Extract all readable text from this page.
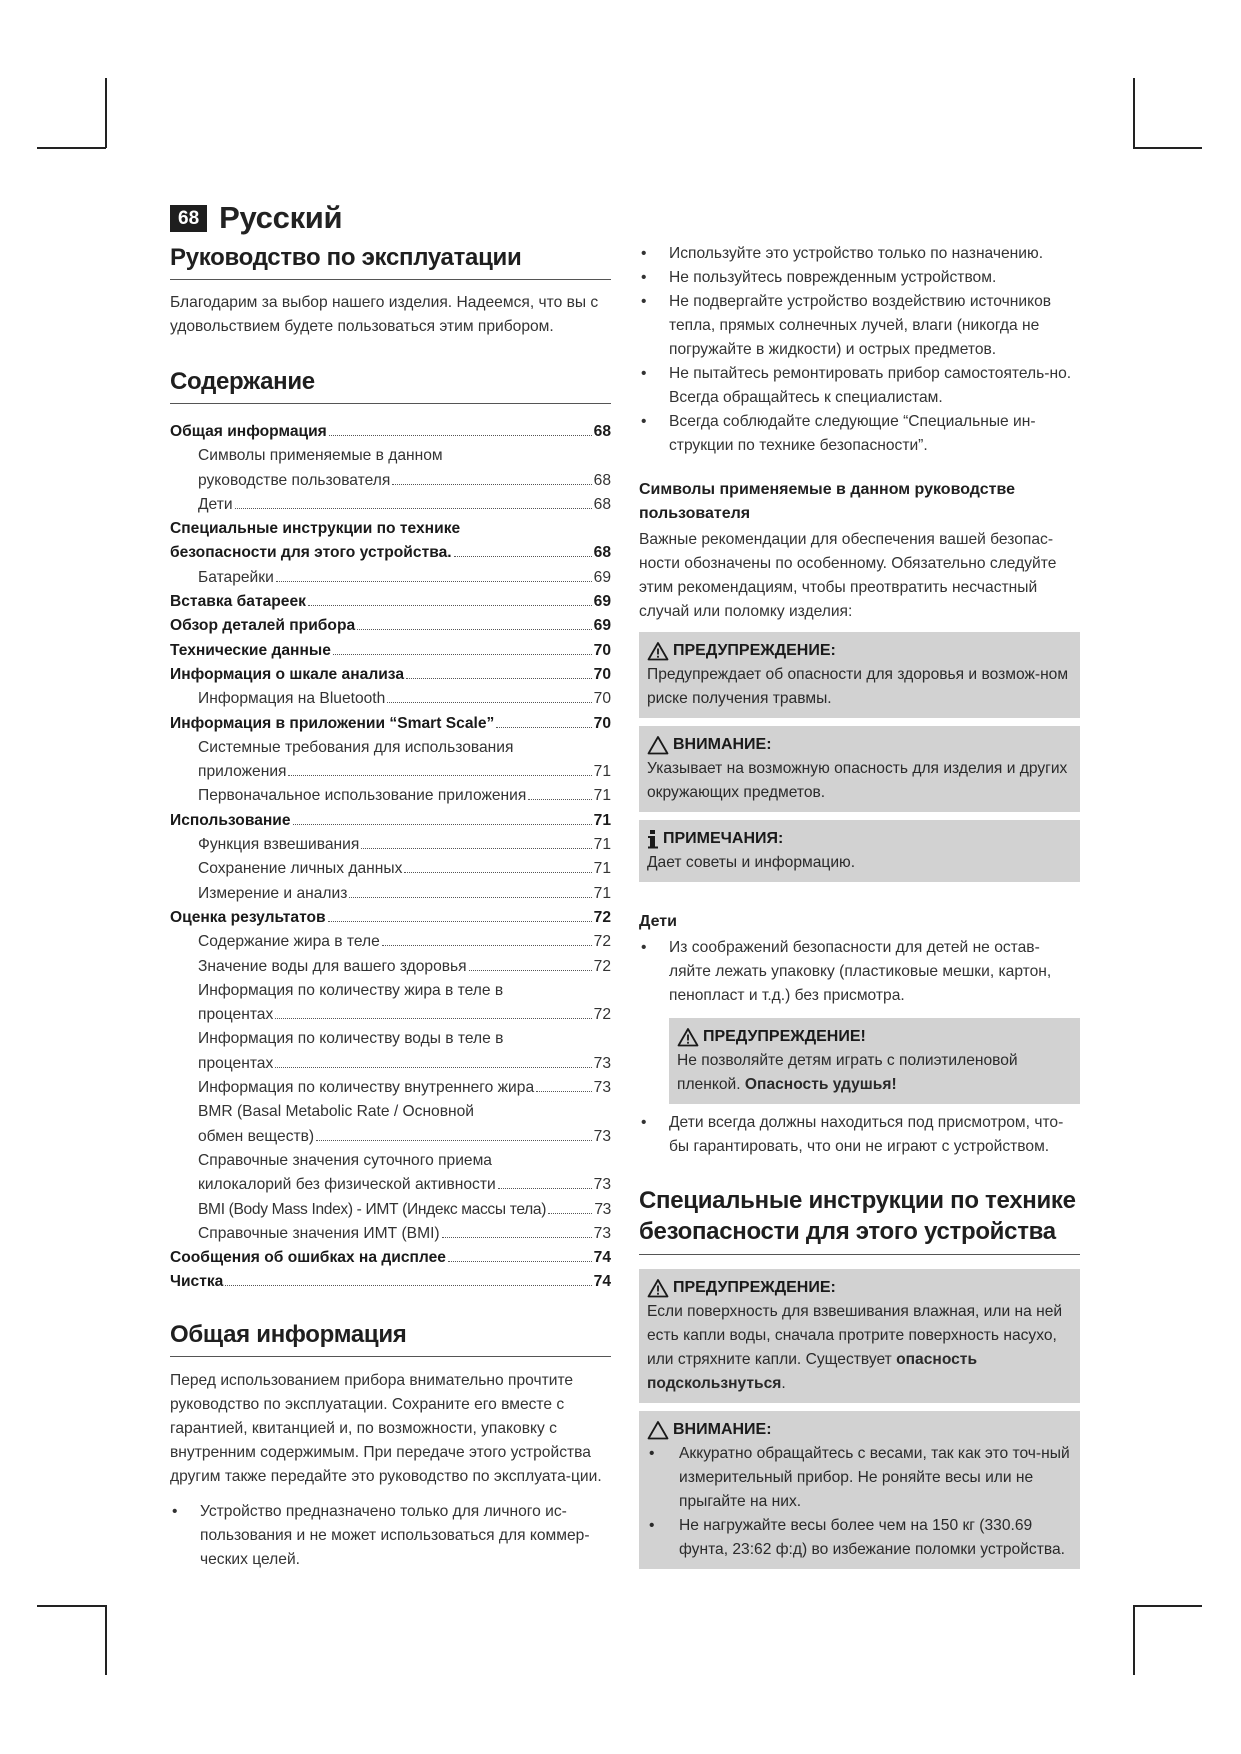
68 Русский
Руководство по эксплуатации

Благодарим за выбор нашего изделия. Надеемся, что вы с удовольствием будете пользоваться этим прибором.

Содержание
Общая информация	68
Символы применяемые в данном
руководстве пользователя	68
Дети	68
Специальные инструкции по технике
безопасности для этого устройства.	68
Батарейки	69
Вставка батареек	69
Обзор деталей прибора	69
Технические данные	70
Информация о шкале анализа	70
Информация на Bluetooth	70
Информация в приложении “Smart Scale”	70
Системные требования для использования
приложения	71
Первоначальное использование приложения	71
Использование	71
Функция взвешивания	71
Сохранение личных данных	71
Измерение и анализ	71
Оценка результатов	72
Содержание жира в теле	72
Значение воды для вашего здоровья	72
Информация по количеству жира в теле в
процентах	72
Информация по количеству воды в теле в
процентах	73
Информация по количеству внутреннего жира	73
BMR (Basal Metabolic Rate / Основной
обмен веществ)	73
Справочные значения суточного приема
килокалорий без физической активности	73
BMI (Body Mass Index) - ИМТ (Индекс массы тела)	73
Справочные значения ИМТ (BMI)	73
Сообщения об ошибках на дисплее	74
Чистка	74
Общая информация

Перед использованием прибора внимательно прочтите руководство по эксплуатации. Сохраните его вместе с гарантией, квитанцией и, по возможности, упаковку с внутренним содержимым. При передаче этого устройства другим также передайте это руководство по эксплуата-ции.

• Устройство предназначено только для личного ис-пользования и не может использоваться для коммер-ческих целей.
• Используйте это устройство только по назначению.
• Не пользуйтесь поврежденным устройством.
• Не подвергайте устройство воздействию источников тепла, прямых солнечных лучей, влаги (никогда не погружайте в жидкости) и острых предметов.
• Не пытайтесь ремонтировать прибор самостоятель-но. Всегда обращайтесь к специалистам.
• Всегда соблюдайте следующие “Специальные ин-струкции по технике безопасности”.
Символы применяемые в данном руководстве пользователя

Важные рекомендации для обеспечения вашей безопас-ности обозначены по особенному. Обязательно следуйте этим рекомендациям, чтобы преотвратить несчастный случай или поломку изделия:

ПРЕДУПРЕЖДЕНИЕ:

Предупреждает об опасности для здоровья и возмож-ном риске получения травмы.

ВНИМАНИЕ:

Указывает на возможную опасность для изделия и других окружающих предметов.

ПРИМЕЧАНИЯ:

Дает советы и информацию.

Дети
• Из соображений безопасности для детей не остав-ляйте лежать упаковку (пластиковые мешки, картон, пенопласт и т.д.) без присмотра.
ПРЕДУПРЕЖДЕНИЕ!

Не позволяйте детям играть с полиэтиленовой пленкой. Опасность удушья!

• Дети всегда должны находиться под присмотром, что-бы гарантировать, что они не играют с устройством.
Специальные инструкции по технике безопасности для этого устройства
ПРЕДУПРЕЖДЕНИЕ:

Если поверхность для взвешивания влажная, или на ней есть капли воды, сначала протрите поверхность насухо, или стряхните капли. Существует опасность подскользнуться.

ВНИМАНИЕ:
• Аккуратно обращайтесь с весами, так как это точ-ный измерительный прибор. Не роняйте весы или не прыгайте на них.
• Не нагружайте весы более чем на 150 кг (330.69 фунта, 23:62 ф:д) во избежание поломки устройства.
